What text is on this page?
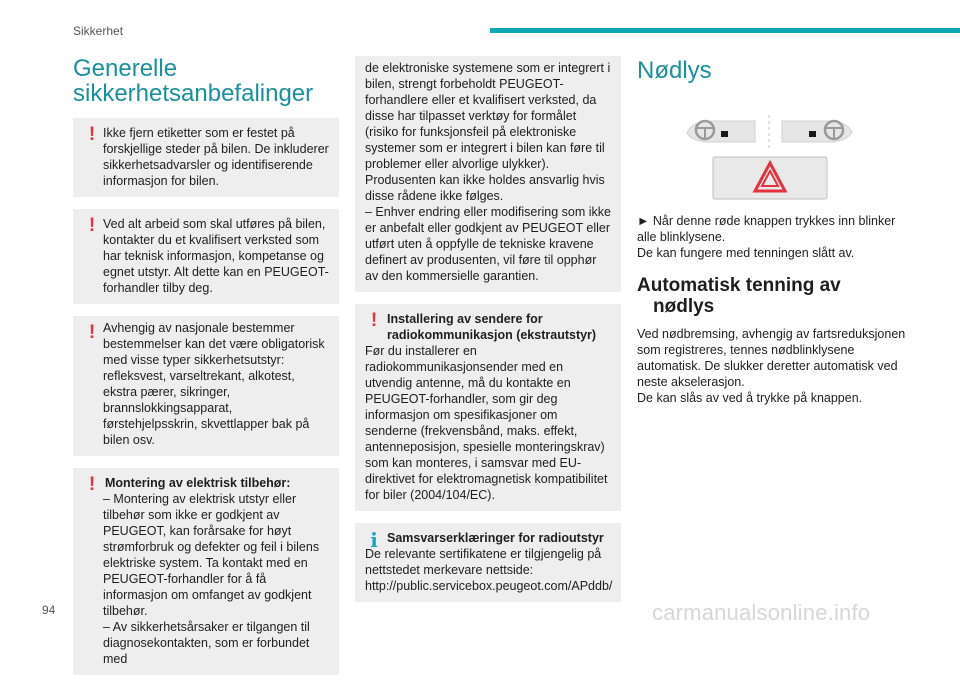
Sikkerhet
Generelle
sikkerhetsanbefalinger
! Ikke fjern etiketter som er festet på forskjellige steder på bilen. De inkluderer sikkerhetsadvarsler og identifiserende informasjon for bilen.
! Ved alt arbeid som skal utføres på bilen, kontakter du et kvalifisert verksted som har teknisk informasjon, kompetanse og egnet utstyr. Alt dette kan en PEUGEOT-forhandler tilby deg.
! Avhengig av nasjonale bestemmer bestemmelser kan det være obligatorisk med visse typer sikkerhetsutstyr: refleksvest, varseltrekant, alkotest, ekstra pærer, sikringer, brannslokkingsapparat, førstehjelpsskrin, skvettlapper bak på bilen osv.
! Montering av elektrisk tilbehør:
– Montering av elektrisk utstyr eller tilbehør som ikke er godkjent av PEUGEOT, kan forårsake for høyt strømforbruk og defekter og feil i bilens elektriske system. Ta kontakt med en PEUGEOT-forhandler for å få informasjon om omfanget av godkjent tilbehør.
– Av sikkerhetsårsaker er tilgangen til diagnosekontakten, som er forbundet med
de elektroniske systemene som er integrert i bilen, strengt forbeholdt PEUGEOT-forhandlere eller et kvalifisert verksted, da disse har tilpasset verktøy for formålet (risiko for funksjonsfeil på elektroniske systemer som er integrert i bilen kan føre til problemer eller alvorlige ulykker). Produsenten kan ikke holdes ansvarlig hvis disse rådene ikke følges.
– Enhver endring eller modifisering som ikke er anbefalt eller godkjent av PEUGEOT eller utført uten å oppfylle de tekniske kravene definert av produsenten, vil føre til opphør av den kommersielle garantien.
! Installering av sendere for radiokommunikasjon (ekstrautstyr)
Før du installerer en radiokommunikasjonsender med en utvendig antenne, må du kontakte en PEUGEOT-forhandler, som gir deg informasjon om spesifikasjoner om senderne (frekvensbånd, maks. effekt, antenneposisjon, spesielle monteringskrav) som kan monteres, i samsvar med EU-direktivet for elektromagnetisk kompatibilitet for biler (2004/104/EC).
i Samsvarserklæringer for radioutstyr
De relevante sertifikatene er tilgjengelig på nettstedet merkevare nettside: http://public.servicebox.peugeot.com/APddb/
Nødlys
► Når denne røde knappen trykkes inn blinker alle blinklysene.
De kan fungere med tenningen slått av.
Automatisk tenning av
nødlys
Ved nødbremsing, avhengig av fartsreduksjonen som registreres, tennes nødblinklysene automatisk. De slukker deretter automatisk ved neste akselerasjon.
De kan slås av ved å trykke på knappen.
94	carmanualsonline.info
